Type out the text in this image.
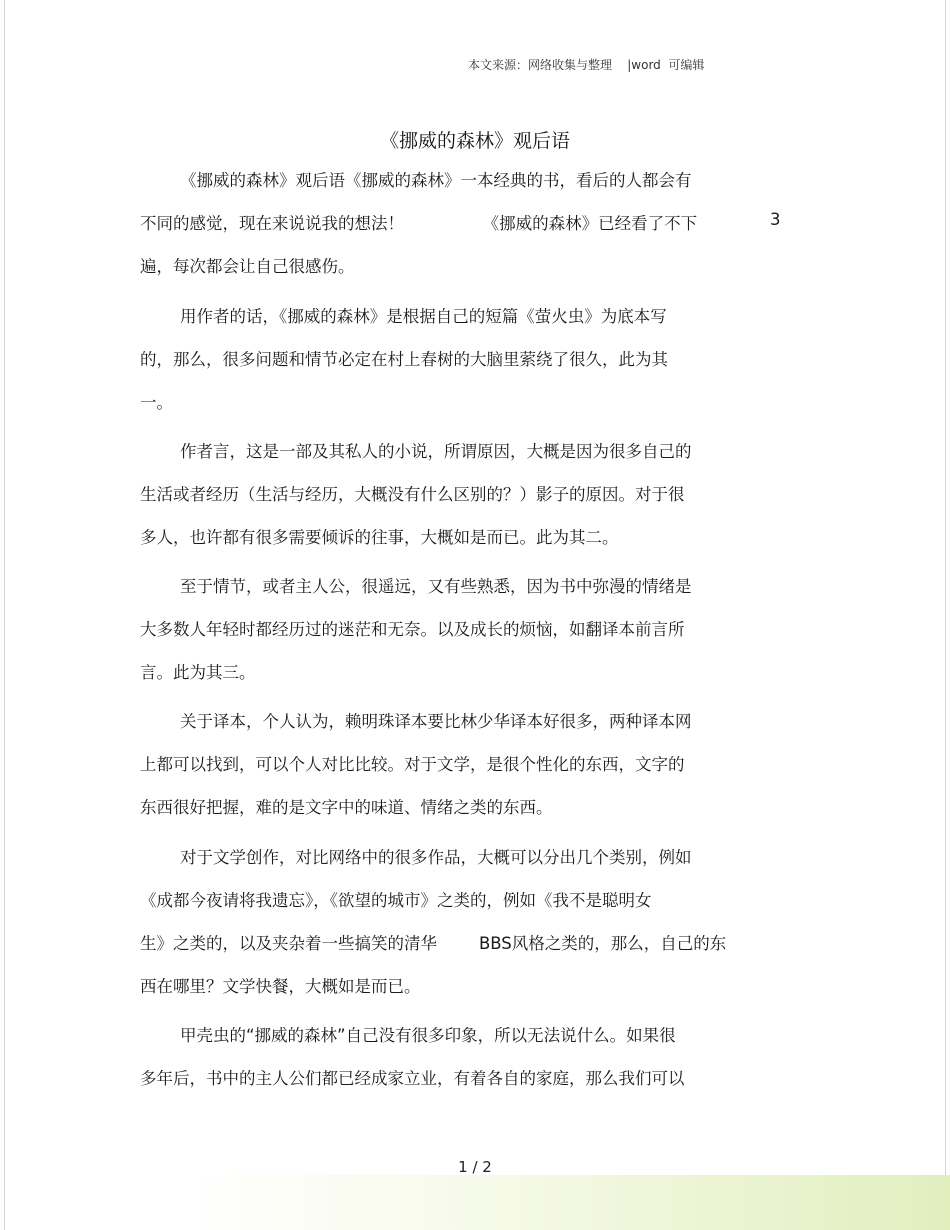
本文来源：网络收集与整理    |word  可编辑
《挪威的森林》观后语
《挪威的森林》观后语《挪威的森林》一本经典的书，看后的人都会有
不同的感觉，现在来说说我的想法！               《挪威的森林》已经看了不下	3
遍，每次都会让自己很感伤。
用作者的话，《挪威的森林》是根据自己的短篇《萤火虫》为底本写
的，那么，很多问题和情节必定在村上春树的大脑里萦绕了很久，此为其
一。
作者言，这是一部及其私人的小说，所谓原因，大概是因为很多自己的
生活或者经历（生活与经历，大概没有什么区别的？）影子的原因。对于很
多人，也许都有很多需要倾诉的往事，大概如是而已。此为其二。
至于情节，或者主人公，很遥远，又有些熟悉，因为书中弥漫的情绪是
大多数人年轻时都经历过的迷茫和无奈。以及成长的烦恼，如翻译本前言所
言。此为其三。
关于译本，个人认为，赖明珠译本要比林少华译本好很多，两种译本网
上都可以找到，可以个人对比比较。对于文学，是很个性化的东西，文字的
东西很好把握，难的是文字中的味道、情绪之类的东西。
对于文学创作，对比网络中的很多作品，大概可以分出几个类别，例如
《成都今夜请将我遗忘》，《欲望的城市》之类的，例如《我不是聪明女
生》之类的，以及夹杂着一些搞笑的清华        BBS风格之类的，那么，自己的东
西在哪里？文学快餐，大概如是而已。
甲壳虫的“挪威的森林”自己没有很多印象，所以无法说什么。如果很
多年后，书中的主人公们都已经成家立业，有着各自的家庭，那么我们可以
1 / 2
